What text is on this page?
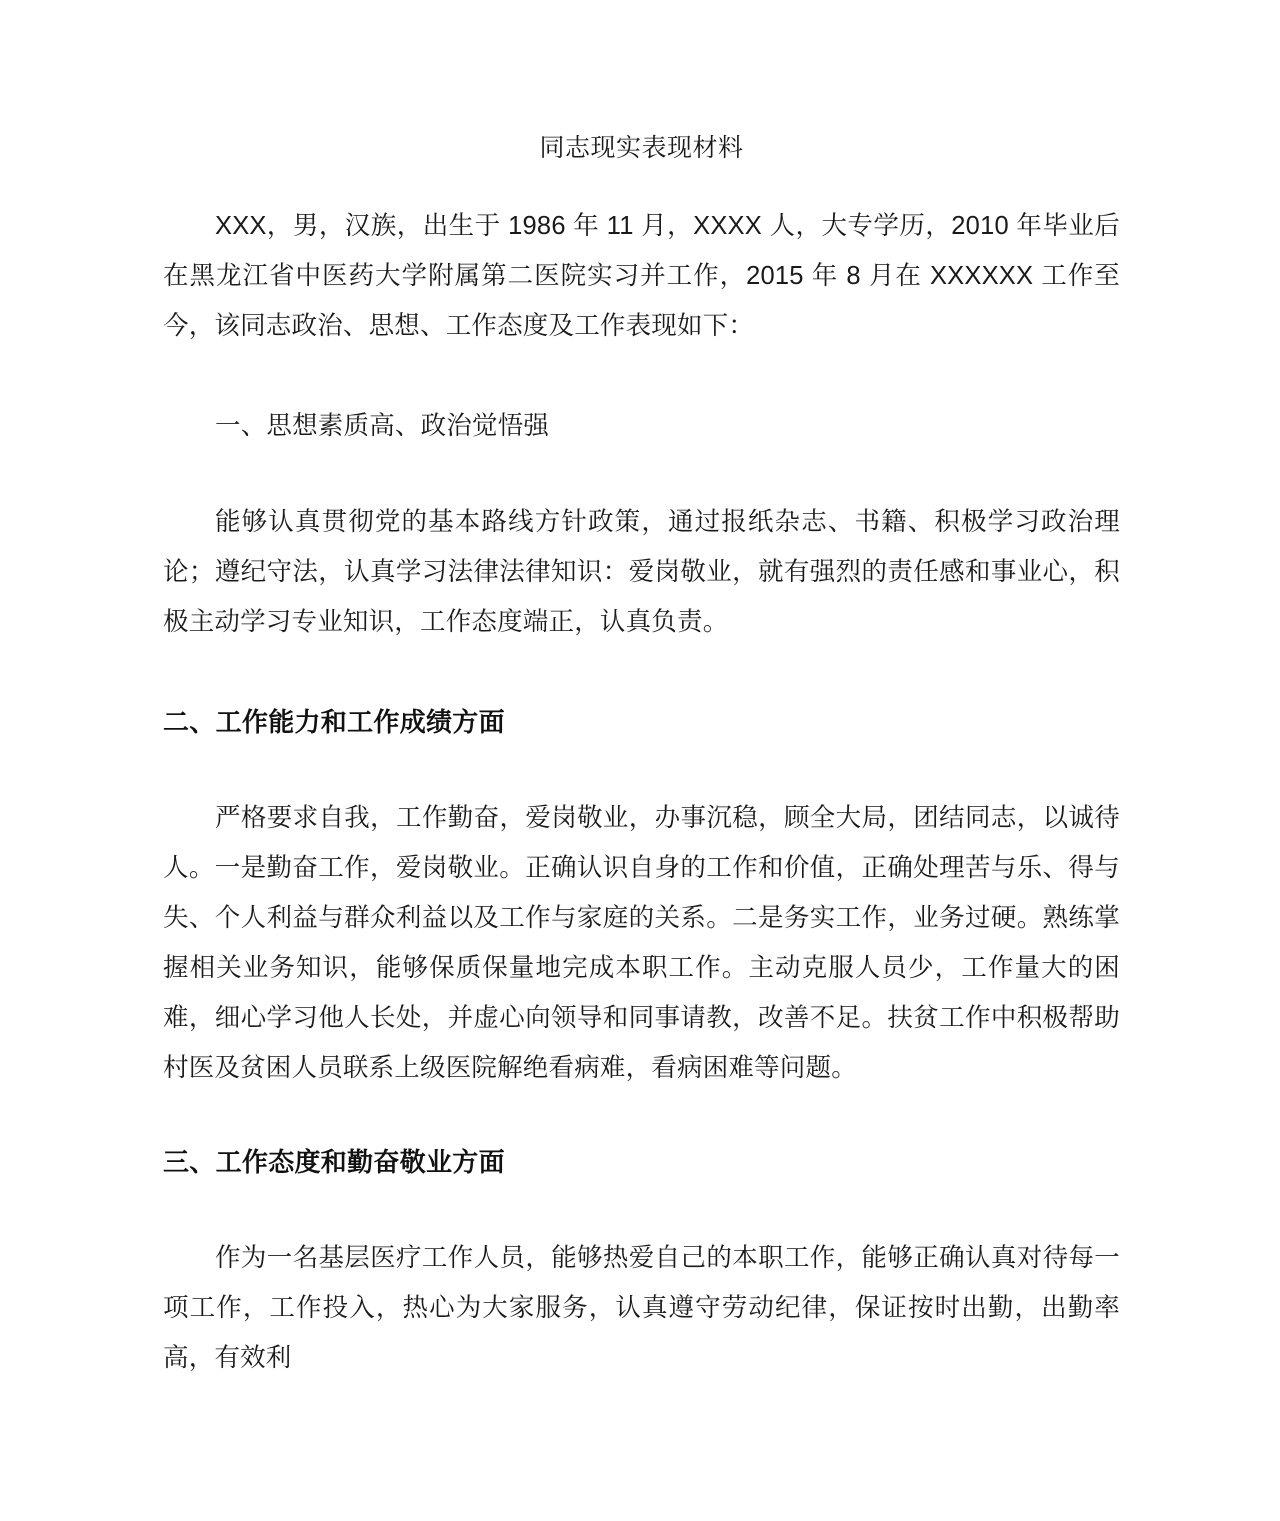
同志现实表现材料

XXX，男，汉族，出生于 1986 年 11 月，XXXX 人，大专学历，2010 年毕业后在黑龙江省中医药大学附属第二医院实习并工作，2015 年 8 月在 XXXXXX 工作至今，该同志政治、思想、工作态度及工作表现如下：

一、思想素质高、政治觉悟强

能够认真贯彻党的基本路线方针政策，通过报纸杂志、书籍、积极学习政治理论；遵纪守法，认真学习法律法律知识：爱岗敬业，就有强烈的责任感和事业心，积极主动学习专业知识，工作态度端正，认真负责。

二、工作能力和工作成绩方面

严格要求自我，工作勤奋，爱岗敬业，办事沉稳，顾全大局，团结同志，以诚待人。一是勤奋工作，爱岗敬业。正确认识自身的工作和价值，正确处理苦与乐、得与失、个人利益与群众利益以及工作与家庭的关系。二是务实工作，业务过硬。熟练掌握相关业务知识，能够保质保量地完成本职工作。主动克服人员少，工作量大的困难，细心学习他人长处，并虚心向领导和同事请教，改善不足。扶贫工作中积极帮助村医及贫困人员联系上级医院解绝看病难，看病困难等问题。

三、工作态度和勤奋敬业方面

作为一名基层医疗工作人员，能够热爱自己的本职工作，能够正确认真对待每一项工作，工作投入，热心为大家服务，认真遵守劳动纪律，保证按时出勤，出勤率高，有效利
